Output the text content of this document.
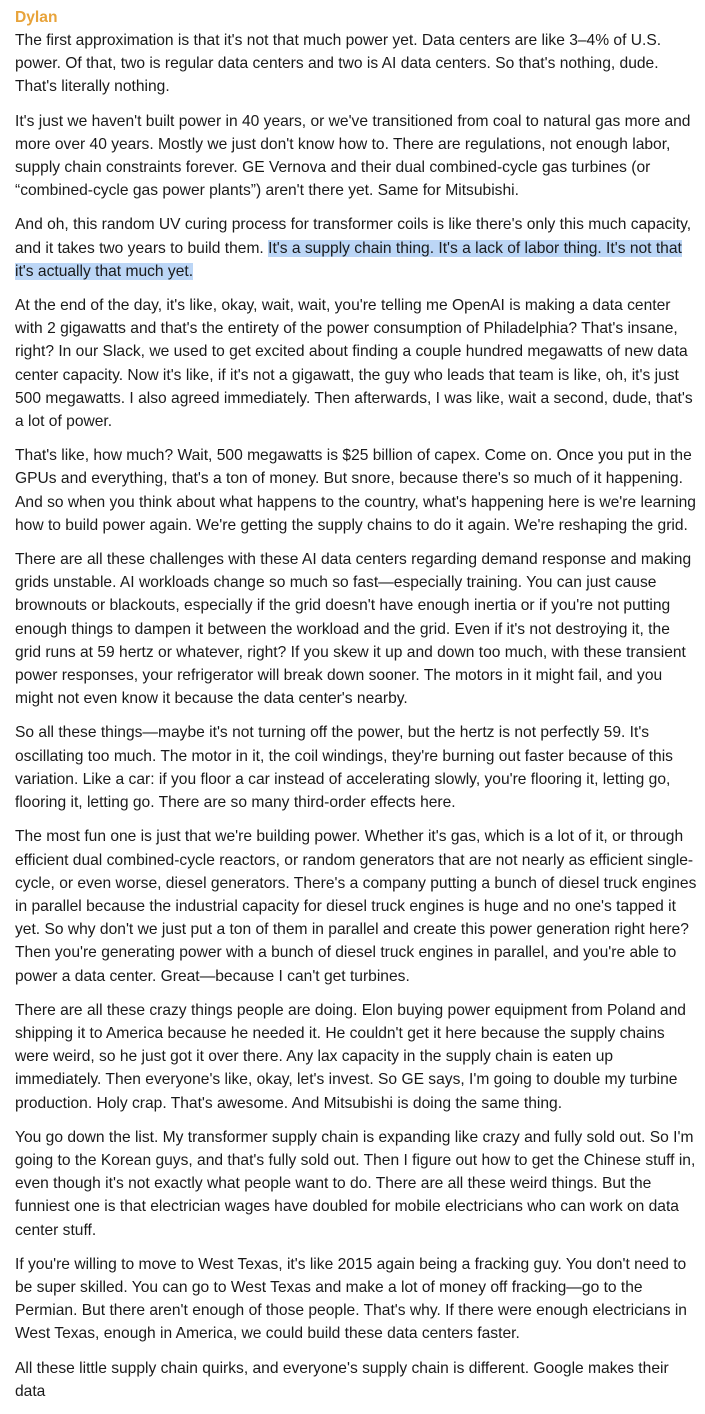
Dylan

The first approximation is that it's not that much power yet. Data centers are like 3–4% of U.S. power. Of that, two is regular data centers and two is AI data centers. So that's nothing, dude. That's literally nothing.

It's just we haven't built power in 40 years, or we've transitioned from coal to natural gas more and more over 40 years. Mostly we just don't know how to. There are regulations, not enough labor, supply chain constraints forever. GE Vernova and their dual combined-cycle gas turbines (or “combined-cycle gas power plants”) aren't there yet. Same for Mitsubishi.

And oh, this random UV curing process for transformer coils is like there's only this much capacity, and it takes two years to build them. It's a supply chain thing. It's a lack of labor thing. It's not that it's actually that much yet.

At the end of the day, it's like, okay, wait, wait, you're telling me OpenAI is making a data center with 2 gigawatts and that's the entirety of the power consumption of Philadelphia? That's insane, right? In our Slack, we used to get excited about finding a couple hundred megawatts of new data center capacity. Now it's like, if it's not a gigawatt, the guy who leads that team is like, oh, it's just 500 megawatts. I also agreed immediately. Then afterwards, I was like, wait a second, dude, that's a lot of power.

That's like, how much? Wait, 500 megawatts is $25 billion of capex. Come on. Once you put in the GPUs and everything, that's a ton of money. But snore, because there's so much of it happening. And so when you think about what happens to the country, what's happening here is we're learning how to build power again. We're getting the supply chains to do it again. We're reshaping the grid.

There are all these challenges with these AI data centers regarding demand response and making grids unstable. AI workloads change so much so fast—especially training. You can just cause brownouts or blackouts, especially if the grid doesn't have enough inertia or if you're not putting enough things to dampen it between the workload and the grid. Even if it's not destroying it, the grid runs at 59 hertz or whatever, right? If you skew it up and down too much, with these transient power responses, your refrigerator will break down sooner. The motors in it might fail, and you might not even know it because the data center's nearby.

So all these things—maybe it's not turning off the power, but the hertz is not perfectly 59. It's oscillating too much. The motor in it, the coil windings, they're burning out faster because of this variation. Like a car: if you floor a car instead of accelerating slowly, you're flooring it, letting go, flooring it, letting go. There are so many third-order effects here.

The most fun one is just that we're building power. Whether it's gas, which is a lot of it, or through efficient dual combined-cycle reactors, or random generators that are not nearly as efficient single-cycle, or even worse, diesel generators. There's a company putting a bunch of diesel truck engines in parallel because the industrial capacity for diesel truck engines is huge and no one's tapped it yet. So why don't we just put a ton of them in parallel and create this power generation right here? Then you're generating power with a bunch of diesel truck engines in parallel, and you're able to power a data center. Great—because I can't get turbines.

There are all these crazy things people are doing. Elon buying power equipment from Poland and shipping it to America because he needed it. He couldn't get it here because the supply chains were weird, so he just got it over there. Any lax capacity in the supply chain is eaten up immediately. Then everyone's like, okay, let's invest. So GE says, I'm going to double my turbine production. Holy crap. That's awesome. And Mitsubishi is doing the same thing.

You go down the list. My transformer supply chain is expanding like crazy and fully sold out. So I'm going to the Korean guys, and that's fully sold out. Then I figure out how to get the Chinese stuff in, even though it's not exactly what people want to do. There are all these weird things. But the funniest one is that electrician wages have doubled for mobile electricians who can work on data center stuff.

If you're willing to move to West Texas, it's like 2015 again being a fracking guy. You don't need to be super skilled. You can go to West Texas and make a lot of money off fracking—go to the Permian. But there aren't enough of those people. That's why. If there were enough electricians in West Texas, enough in America, we could build these data centers faster.

All these little supply chain quirks, and everyone's supply chain is different. Google makes their data
